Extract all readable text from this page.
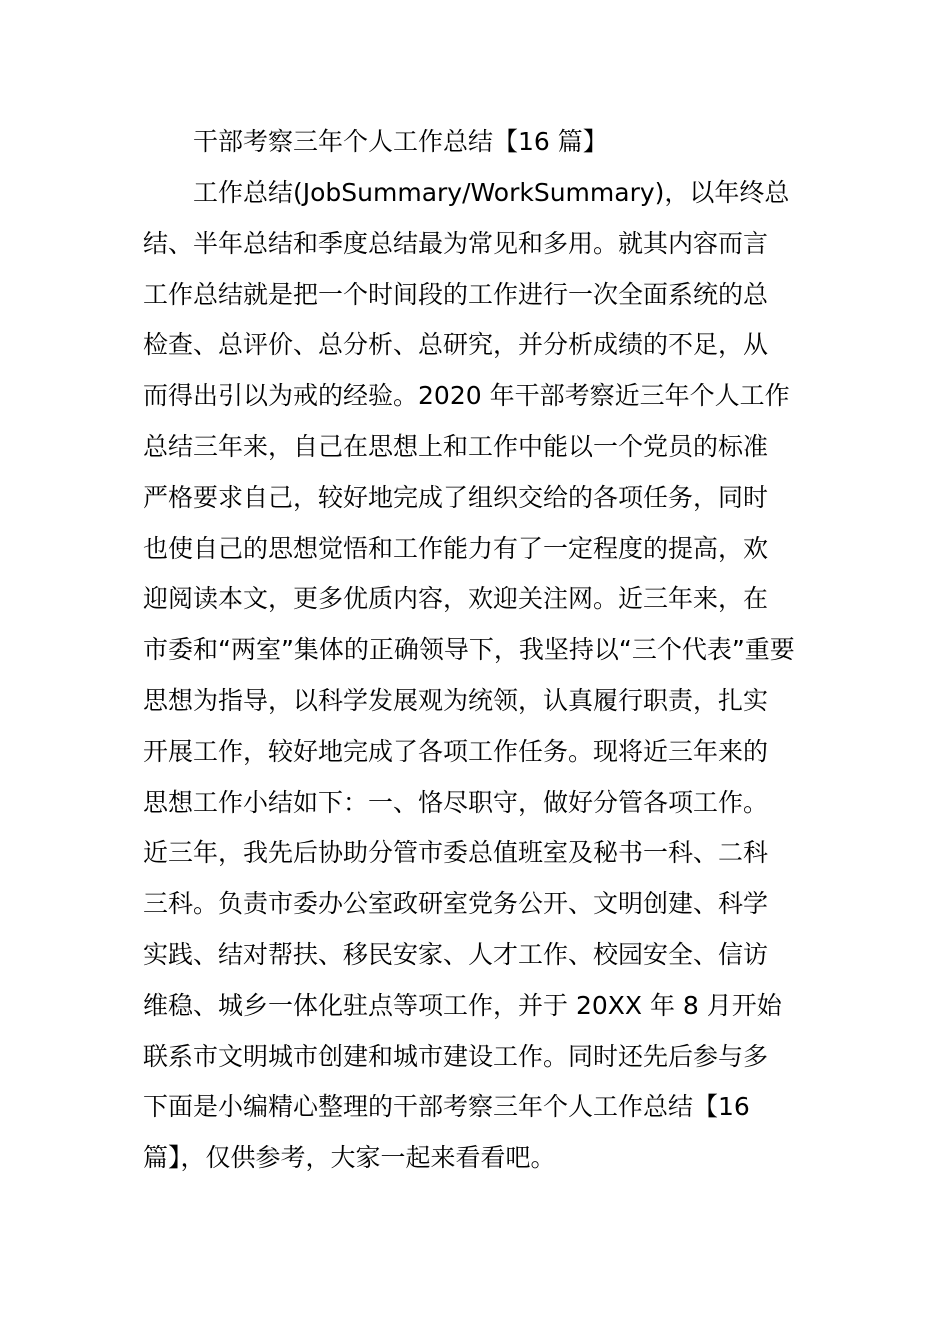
干部考察三年个人工作总结【16 篇】
工作总结(JobSummary/WorkSummary)，以年终总
结、半年总结和季度总结最为常见和多用。就其内容而言
工作总结就是把一个时间段的工作进行一次全面系统的总
检查、总评价、总分析、总研究，并分析成绩的不足，从
而得出引以为戒的经验。2020 年干部考察近三年个人工作
总结三年来，自己在思想上和工作中能以一个党员的标准
严格要求自己，较好地完成了组织交给的各项任务，同时
也使自己的思想觉悟和工作能力有了一定程度的提高，欢
迎阅读本文，更多优质内容，欢迎关注网。近三年来，在
市委和“两室”集体的正确领导下，我坚持以“三个代表”重要
思想为指导，以科学发展观为统领，认真履行职责，扎实
开展工作，较好地完成了各项工作任务。现将近三年来的
思想工作小结如下：一、恪尽职守，做好分管各项工作。
近三年，我先后协助分管市委总值班室及秘书一科、二科
三科。负责市委办公室政研室党务公开、文明创建、科学
实践、结对帮扶、移民安家、人才工作、校园安全、信访
维稳、城乡一体化驻点等项工作，并于 20XX 年 8 月开始
联系市文明城市创建和城市建设工作。同时还先后参与多
下面是小编精心整理的干部考察三年个人工作总结【16
篇】，仅供参考，大家一起来看看吧。
